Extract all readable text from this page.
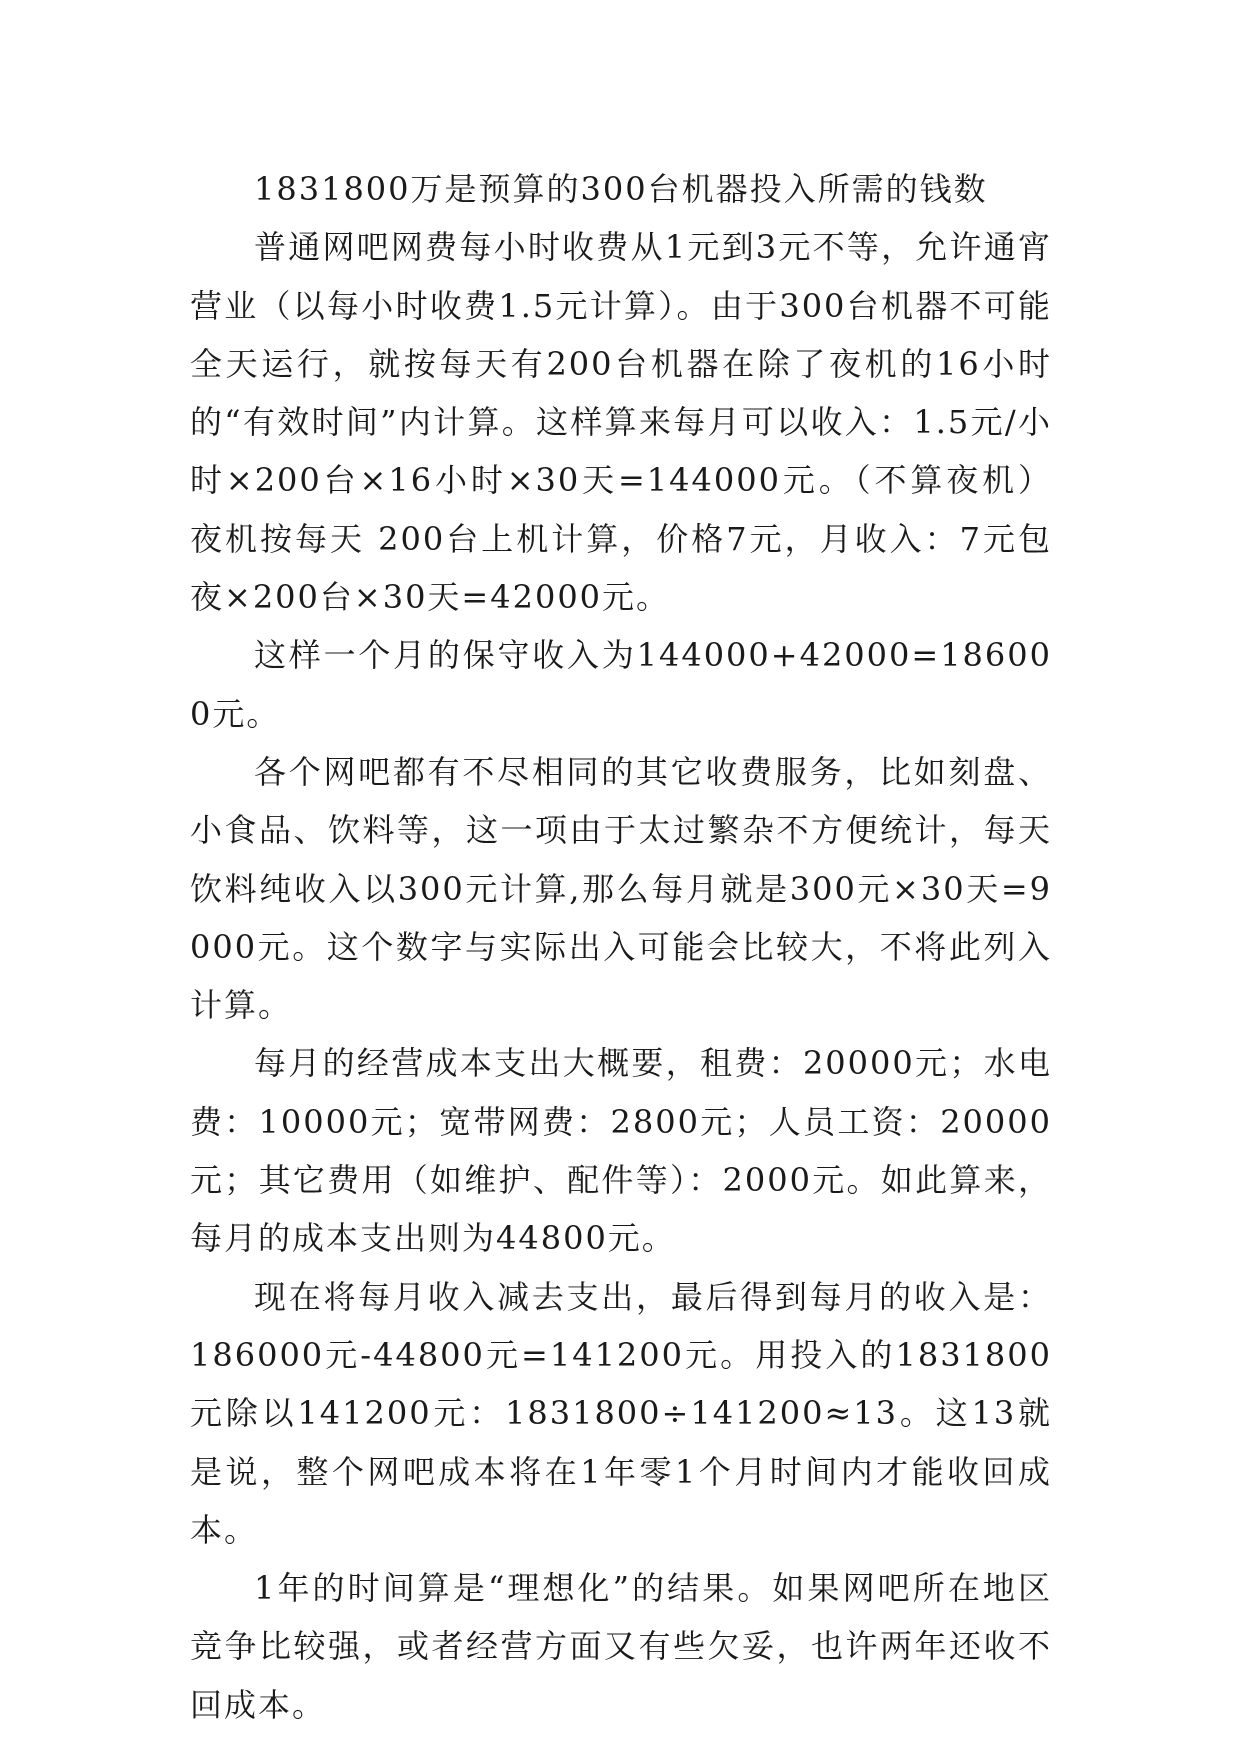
1831800万是预算的300台机器投入所需的钱数

普通网吧网费每小时收费从1元到3元不等，允许通宵营业（以每小时收费1.5元计算）。由于300台机器不可能全天运行，就按每天有200台机器在除了夜机的16小时的“有效时间”内计算。这样算来每月可以收入：1.5元/小时×200台×16小时×30天=144000元。（不算夜机）夜机按每天 200台上机计算，价格7元，月收入：7元包夜×200台×30天=42000元。

这样一个月的保守收入为144000+42000=186000元。

各个网吧都有不尽相同的其它收费服务，比如刻盘、小食品、饮料等，这一项由于太过繁杂不方便统计，每天饮料纯收入以300元计算,那么每月就是300元×30天=9000元。这个数字与实际出入可能会比较大，不将此列入计算。

每月的经营成本支出大概要，租费：20000元；水电费：10000元；宽带网费：2800元；人员工资：20000元；其它费用（如维护、配件等）：2000元。如此算来，每月的成本支出则为44800元。

现在将每月收入减去支出，最后得到每月的收入是：186000元-44800元=141200元。用投入的1831800元除以141200元：1831800÷141200≈13。这13就是说，整个网吧成本将在1年零1个月时间内才能收回成本。

1年的时间算是“理想化”的结果。如果网吧所在地区竞争比较强，或者经营方面又有些欠妥，也许两年还收不回成本。
